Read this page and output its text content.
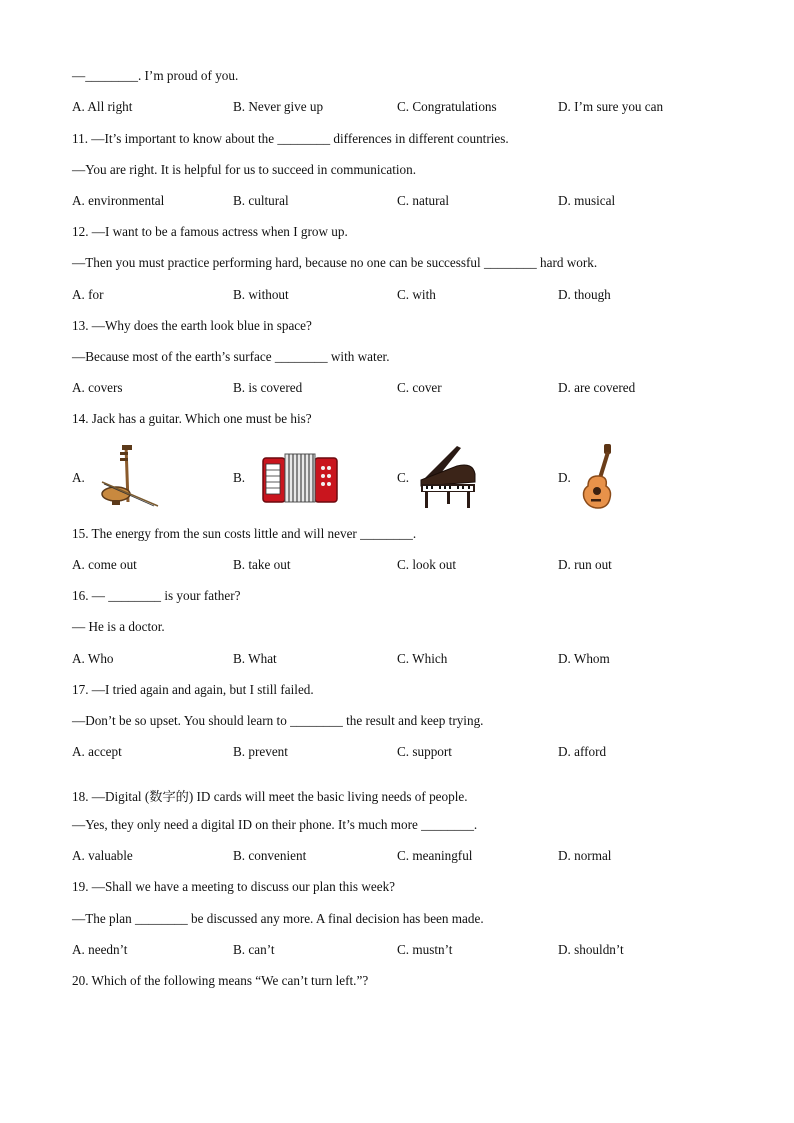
—________. I’m proud of you.
A. All right	B. Never give up	C. Congratulations	D. I’m sure you can
11. —It’s important to know about the ________ differences in different countries.
—You are right. It is helpful for us to succeed in communication.
A. environmental	B. cultural	C. natural	D. musical
12. —I want to be a famous actress when I grow up.
—Then you must practice performing hard, because no one can be successful ________ hard work.
A. for	B. without	C. with	D. though
13. —Why does the earth look blue in space?
—Because most of the earth’s surface ________ with water.
A. covers	B. is covered	C. cover	D. are covered
14. Jack has a guitar. Which one must be his?
A.	B.	C.	D.
15. The energy from the sun costs little and will never ________.
A. come out	B. take out	C. look out	D. run out
16. — ________ is your father?
— He is a doctor.
A. Who	B. What	C. Which	D. Whom
17. —I tried again and again, but I still failed.
—Don’t be so upset. You should learn to ________ the result and keep trying.
A. accept	B. prevent	C. support	D. afford
18. —Digital (数字的) ID cards will meet the basic living needs of people.
—Yes, they only need a digital ID on their phone. It’s much more ________.
A. valuable	B. convenient	C. meaningful	D. normal
19. —Shall we have a meeting to discuss our plan this week?
—The plan ________ be discussed any more. A final decision has been made.
A. needn’t	B. can’t	C. mustn’t	D. shouldn’t
20. Which of the following means “We can’t turn left.”?
